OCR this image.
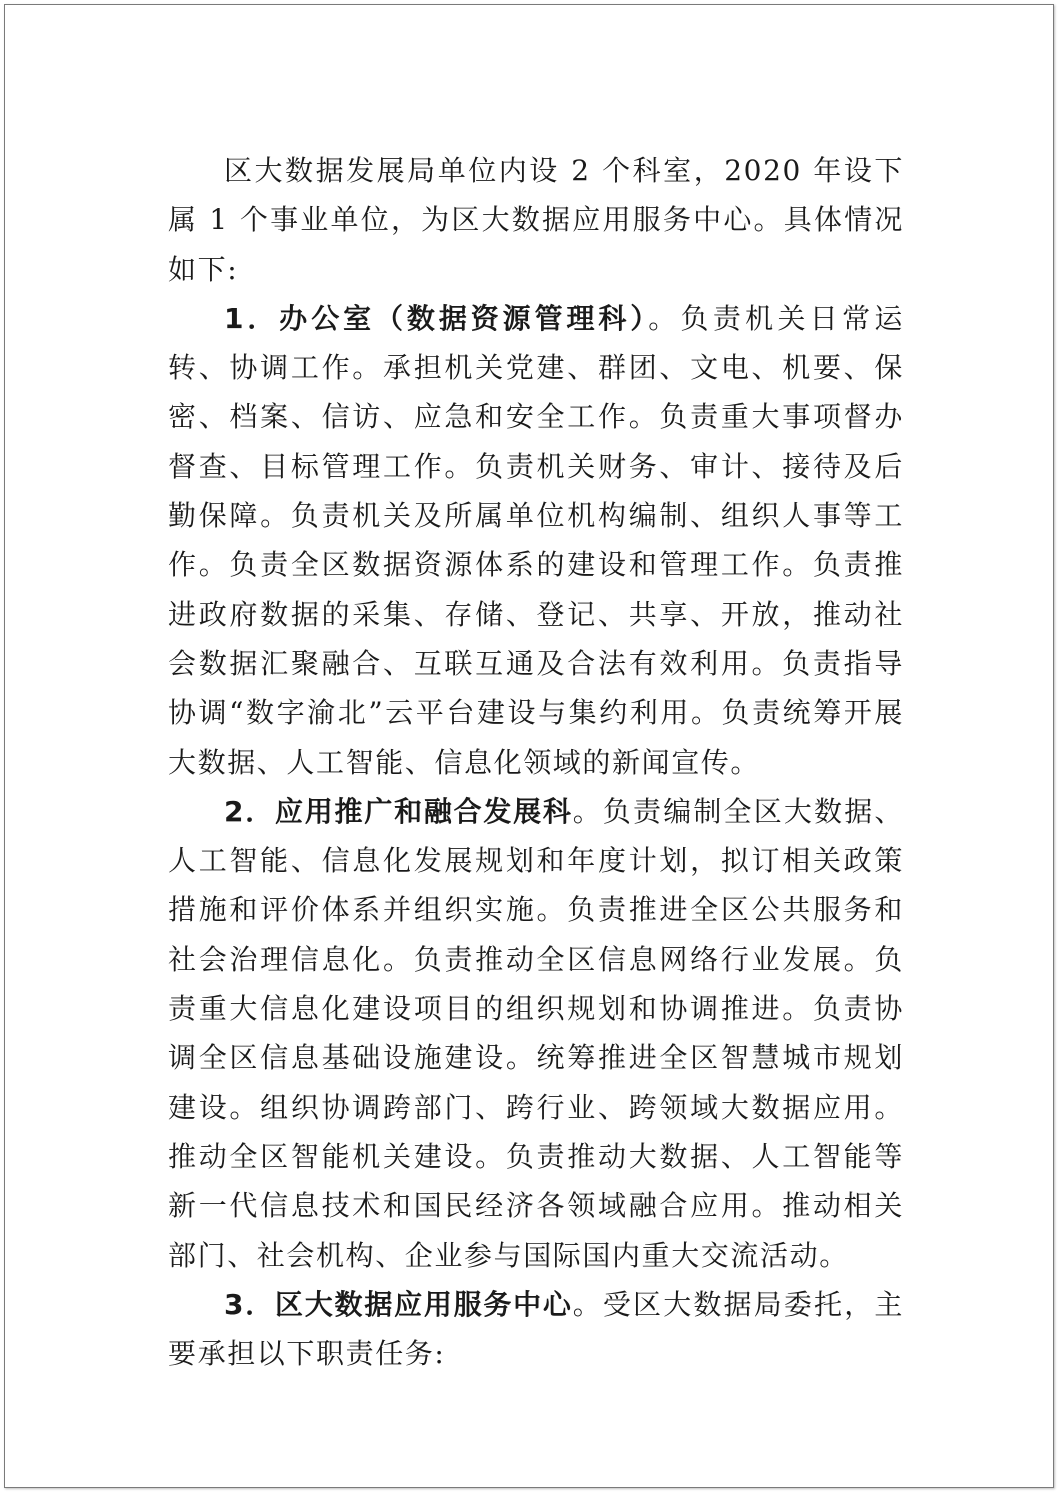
区大数据发展局单位内设 2 个科室，2020 年设下属 1 个事业单位，为区大数据应用服务中心。具体情况如下:

1．办公室（数据资源管理科）。负责机关日常运转、协调工作。承担机关党建、群团、文电、机要、保密、档案、信访、应急和安全工作。负责重大事项督办督查、目标管理工作。负责机关财务、审计、接待及后勤保障。负责机关及所属单位机构编制、组织人事等工作。负责全区数据资源体系的建设和管理工作。负责推进政府数据的采集、存储、登记、共享、开放，推动社会数据汇聚融合、互联互通及合法有效利用。负责指导协调“数字渝北”云平台建设与集约利用。负责统筹开展大数据、人工智能、信息化领域的新闻宣传。

2．应用推广和融合发展科。负责编制全区大数据、人工智能、信息化发展规划和年度计划，拟订相关政策措施和评价体系并组织实施。负责推进全区公共服务和社会治理信息化。负责推动全区信息网络行业发展。负责重大信息化建设项目的组织规划和协调推进。负责协调全区信息基础设施建设。统筹推进全区智慧城市规划建设。组织协调跨部门、跨行业、跨领域大数据应用。推动全区智能机关建设。负责推动大数据、人工智能等新一代信息技术和国民经济各领域融合应用。推动相关部门、社会机构、企业参与国际国内重大交流活动。

3．区大数据应用服务中心。受区大数据局委托，主要承担以下职责任务:
